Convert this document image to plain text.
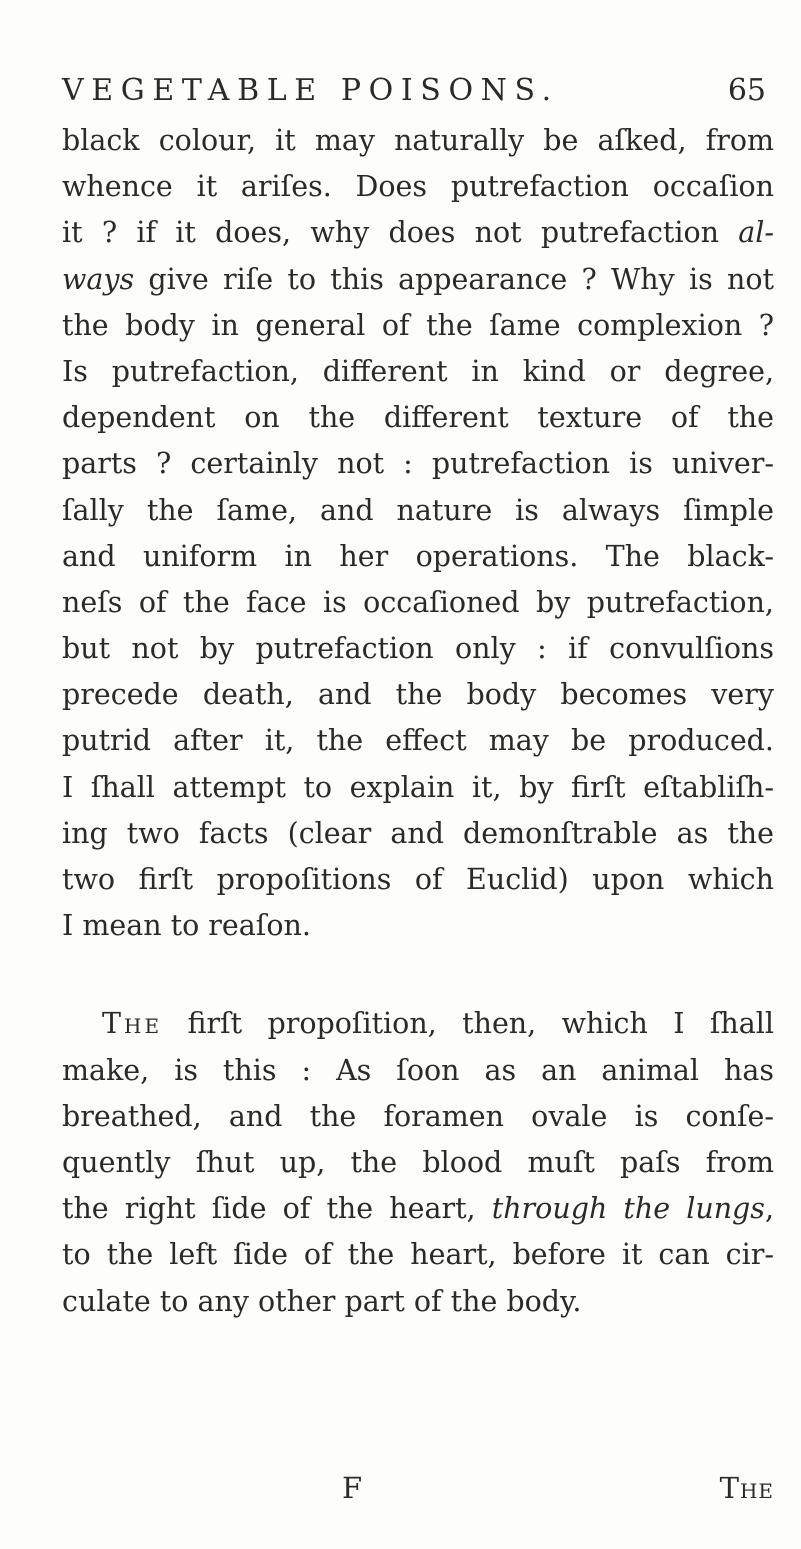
VEGETABLE POISONS.	65
black colour, it may naturally be aſked, from
whence it ariſes. Does putrefaction occaſion
it ? if it does, why does not putrefaction al-
ways give riſe to this appearance ? Why is not
the body in general of the ſame complexion ?
Is putrefaction, different in kind or degree,
dependent on the different texture of the
parts ? certainly not : putrefaction is univer-
ſally the ſame, and nature is always ſimple
and uniform in her operations. The black-
neſs of the face is occaſioned by putrefaction,
but not by putrefaction only : if convulſions
precede death, and the body becomes very
putrid after it, the effect may be produced.
I ſhall attempt to explain it, by firſt eſtabliſh-
ing two facts (clear and demonſtrable as the
two firſt propoſitions of Euclid) upon which
I mean to reaſon.
The firſt propoſition, then, which I ſhall
make, is this : As ſoon as an animal has
breathed, and the foramen ovale is conſe-
quently ſhut up, the blood muſt paſs from
the right ſide of the heart, through the lungs,
to the left ſide of the heart, before it can cir-
culate to any other part of the body.
F	The
